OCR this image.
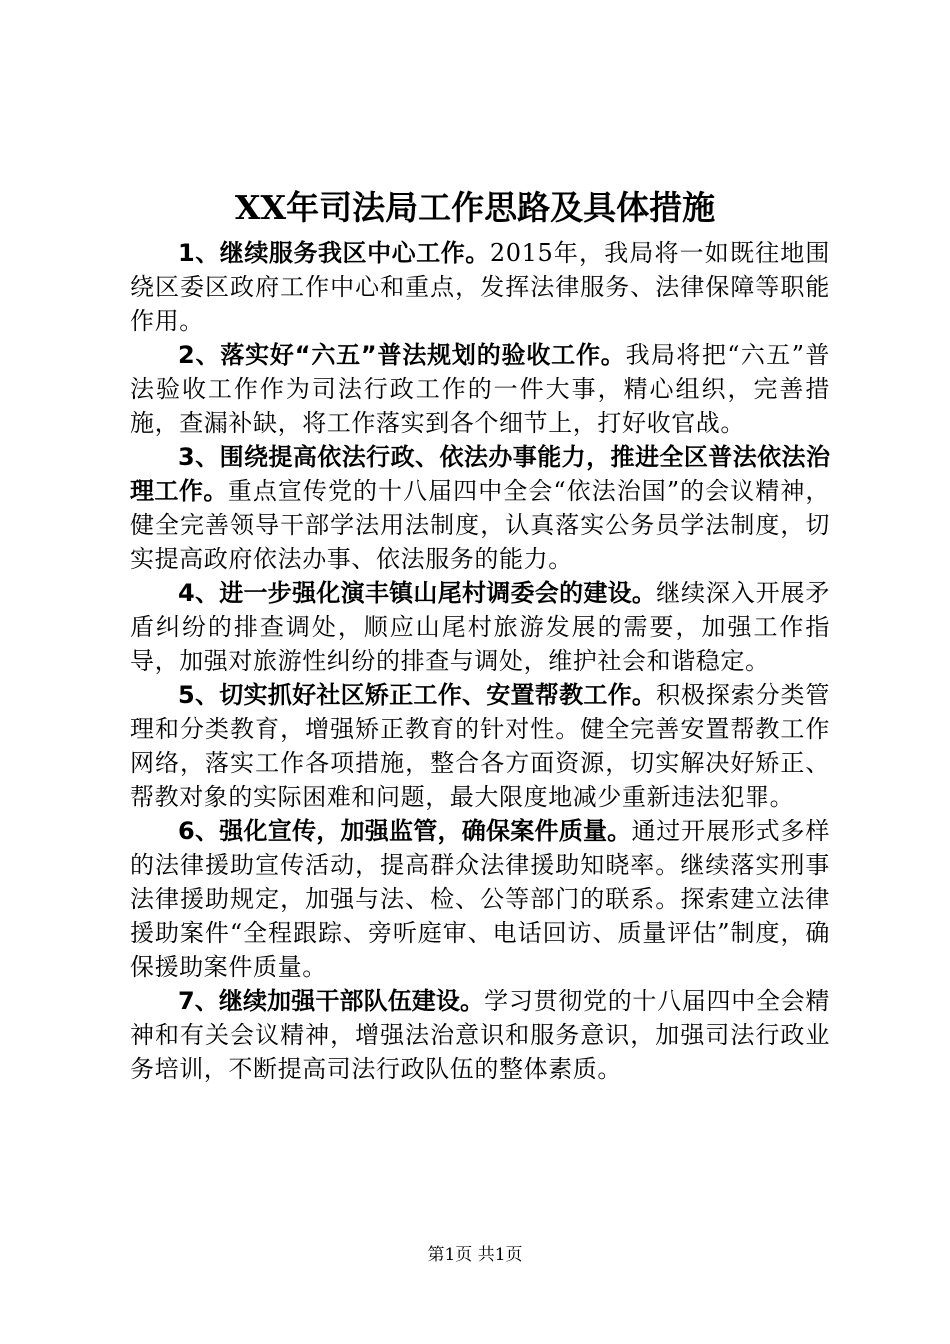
XX年司法局工作思路及具体措施

1、继续服务我区中心工作。2015年，我局将一如既往地围绕区委区政府工作中心和重点，发挥法律服务、法律保障等职能作用。

2、落实好“六五”普法规划的验收工作。我局将把“六五”普法验收工作作为司法行政工作的一件大事，精心组织，完善措施，查漏补缺，将工作落实到各个细节上，打好收官战。

3、围绕提高依法行政、依法办事能力，推进全区普法依法治理工作。重点宣传党的十八届四中全会“依法治国”的会议精神，健全完善领导干部学法用法制度，认真落实公务员学法制度，切实提高政府依法办事、依法服务的能力。

4、进一步强化演丰镇山尾村调委会的建设。继续深入开展矛盾纠纷的排查调处，顺应山尾村旅游发展的需要，加强工作指导，加强对旅游性纠纷的排查与调处，维护社会和谐稳定。

5、切实抓好社区矫正工作、安置帮教工作。积极探索分类管理和分类教育，增强矫正教育的针对性。健全完善安置帮教工作网络，落实工作各项措施，整合各方面资源，切实解决好矫正、帮教对象的实际困难和问题，最大限度地减少重新违法犯罪。

6、强化宣传，加强监管，确保案件质量。通过开展形式多样的法律援助宣传活动，提高群众法律援助知晓率。继续落实刑事法律援助规定，加强与法、检、公等部门的联系。探索建立法律援助案件“全程跟踪、旁听庭审、电话回访、质量评估”制度，确保援助案件质量。

7、继续加强干部队伍建设。学习贯彻党的十八届四中全会精神和有关会议精神，增强法治意识和服务意识，加强司法行政业务培训，不断提高司法行政队伍的整体素质。

第1页 共1页
